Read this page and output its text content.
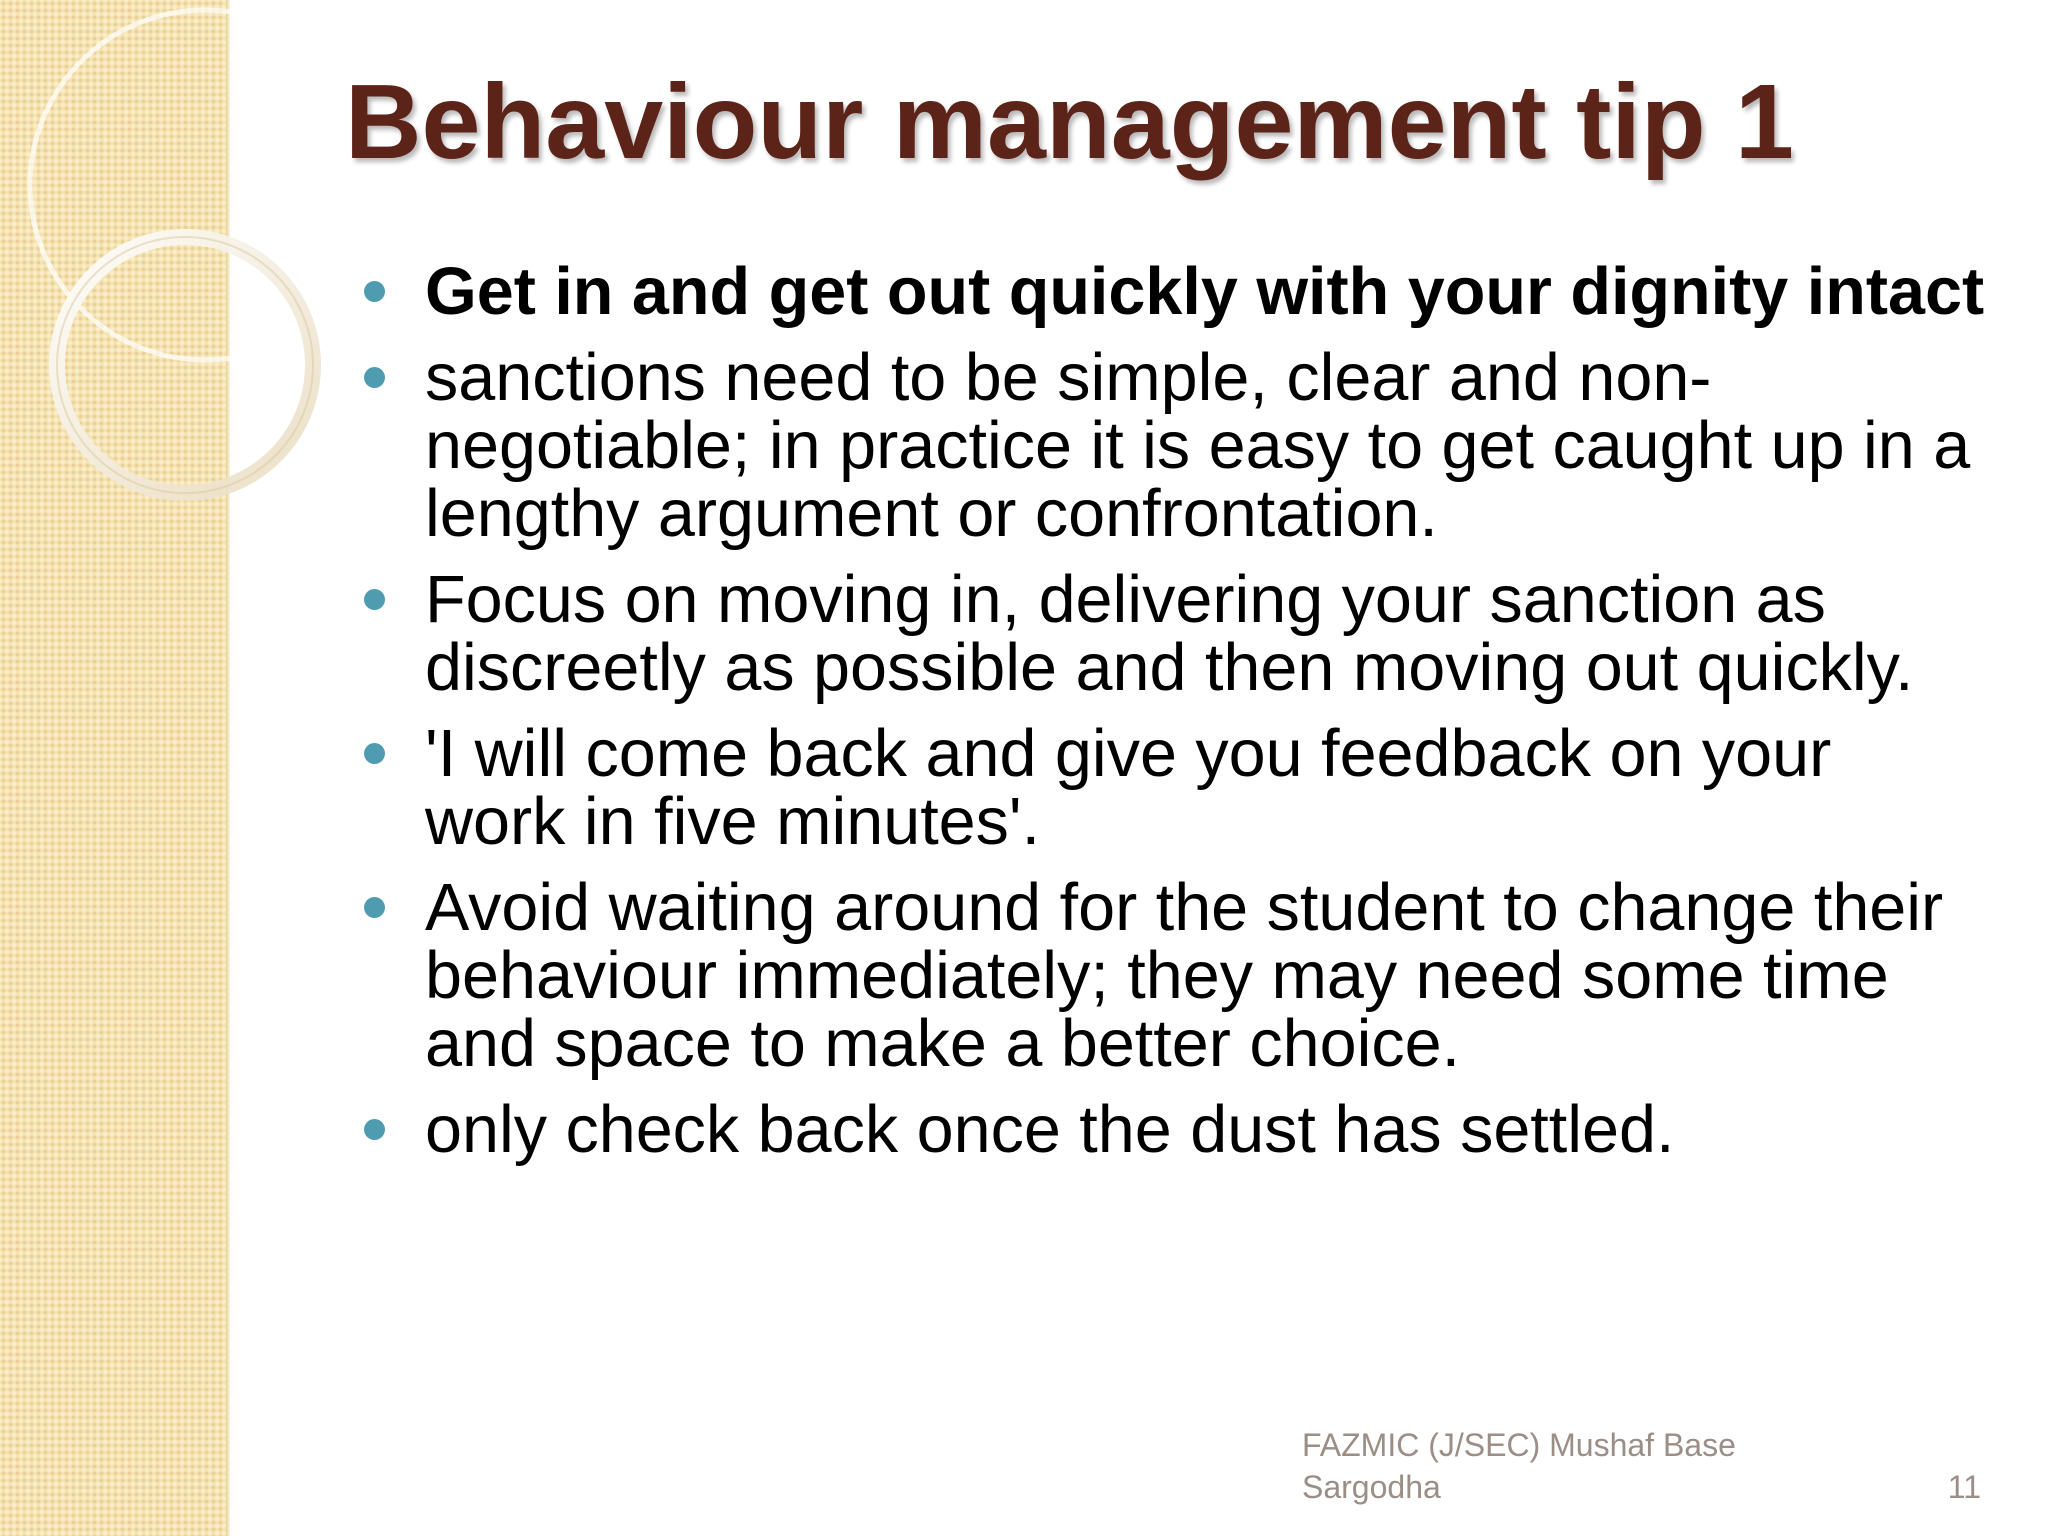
Behaviour management tip 1
Get in and get out quickly with your dignity intact
sanctions need to be simple, clear and non-negotiable; in practice it is easy to get caught up in a lengthy argument or confrontation.
Focus on moving in, delivering your sanction as discreetly as possible and then moving out quickly.
'I will come back and give you feedback on your work in five minutes'.
Avoid waiting around for the student to change their behaviour immediately; they may need some time and space to make a better choice.
only check back once the dust has settled.

FAZMIC (J/SEC) Mushaf Base Sargodha	11
